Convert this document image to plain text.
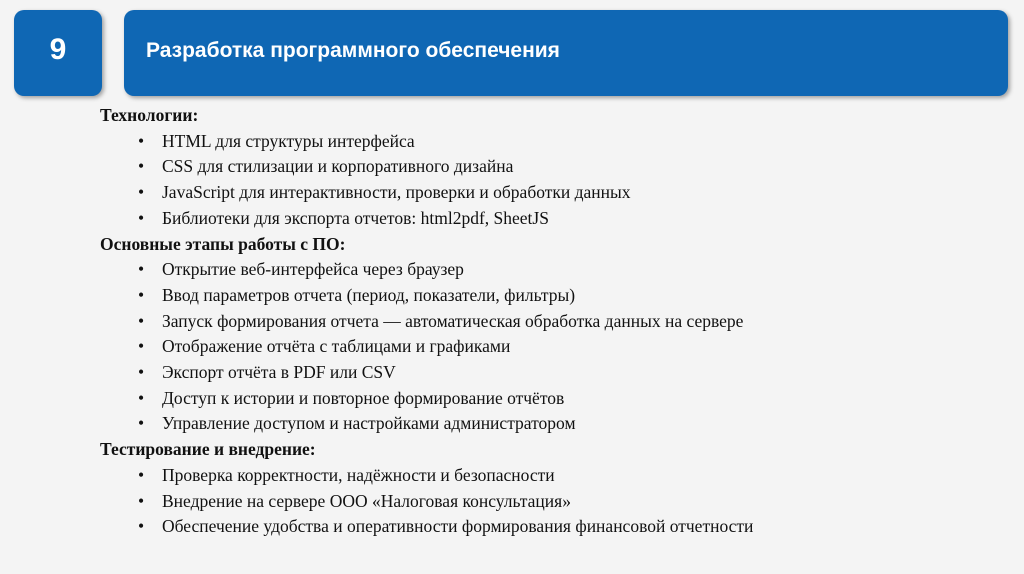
9	Разработка программного обеспечения
Технологии:
• HTML для структуры интерфейса
• CSS для стилизации и корпоративного дизайна
• JavaScript для интерактивности, проверки и обработки данных
• Библиотеки для экспорта отчетов: html2pdf, SheetJS
Основные этапы работы с ПО:
• Открытие веб-интерфейса через браузер
• Ввод параметров отчета (период, показатели, фильтры)
• Запуск формирования отчета — автоматическая обработка данных на сервере
• Отображение отчёта с таблицами и графиками
• Экспорт отчёта в PDF или CSV
• Доступ к истории и повторное формирование отчётов
• Управление доступом и настройками администратором
Тестирование и внедрение:
• Проверка корректности, надёжности и безопасности
• Внедрение на сервере ООО «Налоговая консультация»
• Обеспечение удобства и оперативности формирования финансовой отчетности
